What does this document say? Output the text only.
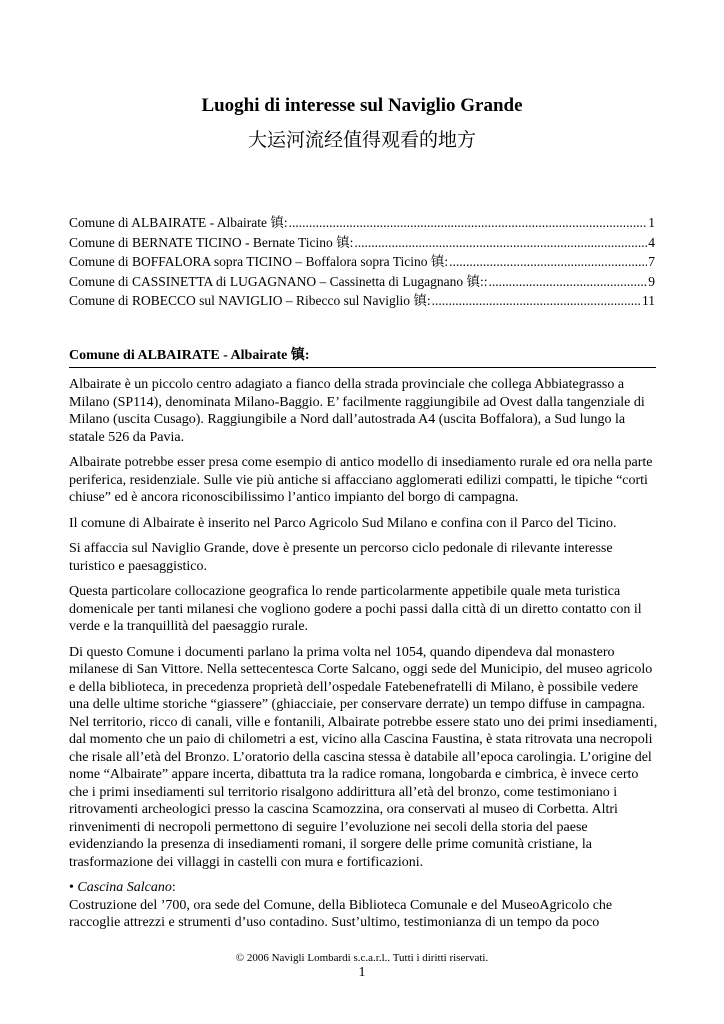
Luoghi di interesse sul Naviglio Grande
大运河流经值得观看的地方
Comune di ALBAIRATE - Albairate 镇: .....	1
Comune di BERNATE TICINO - Bernate Ticino 镇: .....	4
Comune di BOFFALORA sopra TICINO – Boffalora sopra Ticino 镇: .....	7
Comune di CASSINETTA di LUGAGNANO – Cassinetta di Lugagnano 镇:: .....	9
Comune di ROBECCO sul NAVIGLIO – Ribecco sul Naviglio 镇: .....	11
Comune di ALBAIRATE - Albairate 镇:

Albairate è un piccolo centro adagiato a fianco della strada provinciale che collega Abbiategrasso a Milano (SP114), denominata Milano-Baggio. E’ facilmente raggiungibile ad Ovest dalla tangenziale di Milano (uscita Cusago). Raggiungibile a Nord dall’autostrada A4 (uscita Boffalora), a Sud lungo la statale 526 da Pavia.

Albairate potrebbe esser presa come esempio di antico modello di insediamento rurale ed ora nella parte periferica, residenziale. Sulle vie più antiche si affacciano agglomerati edilizi compatti, le tipiche “corti chiuse” ed è ancora riconoscibilissimo l’antico impianto del borgo di campagna.

Il comune di Albairate è inserito nel Parco Agricolo Sud Milano e confina con il Parco del Ticino.

Si affaccia sul Naviglio Grande, dove è presente un percorso ciclo pedonale di rilevante interesse turistico e paesaggistico.

Questa particolare collocazione geografica lo rende particolarmente appetibile quale meta turistica domenicale per tanti milanesi che vogliono godere a pochi passi dalla città di un diretto contatto con il verde e la tranquillità del paesaggio rurale.

Di questo Comune i documenti parlano la prima volta nel 1054, quando dipendeva dal monastero milanese di San Vittore. Nella settecentesca Corte Salcano, oggi sede del Municipio, del museo agricolo e della biblioteca, in precedenza proprietà dell’ospedale Fatebenefratelli di Milano, è possibile vedere una delle ultime storiche “giassere” (ghiacciaie, per conservare derrate) un tempo diffuse in campagna. Nel territorio, ricco di canali, ville e fontanili, Albairate potrebbe essere stato uno dei primi insediamenti, dal momento che un paio di chilometri a est, vicino alla Cascina Faustina, è stata ritrovata una necropoli che risale all’età del Bronzo. L’oratorio della cascina stessa è databile all’epoca carolingia. L’origine del nome “Albairate” appare incerta, dibattuta tra la radice romana, longobarda e cimbrica, è invece certo che i primi insediamenti sul territorio risalgono addirittura all’età del bronzo, come testimoniano i ritrovamenti archeologici presso la cascina Scamozzina, ora conservati al museo di Corbetta. Altri rinvenimenti di necropoli permettono di seguire l’evoluzione nei secoli della storia del paese evidenziando la presenza di insediamenti romani, il sorgere delle prime comunità cristiane, la trasformazione dei villaggi in castelli con mura e fortificazioni.

• Cascina Salcano:
Costruzione del ’700, ora sede del Comune, della Biblioteca Comunale e del MuseoAgricolo che raccoglie attrezzi e strumenti d’uso contadino. Sust’ultimo, testimonianza di un tempo da poco
© 2006 Navigli Lombardi s.c.a.r.l.. Tutti i diritti riservati.
1
